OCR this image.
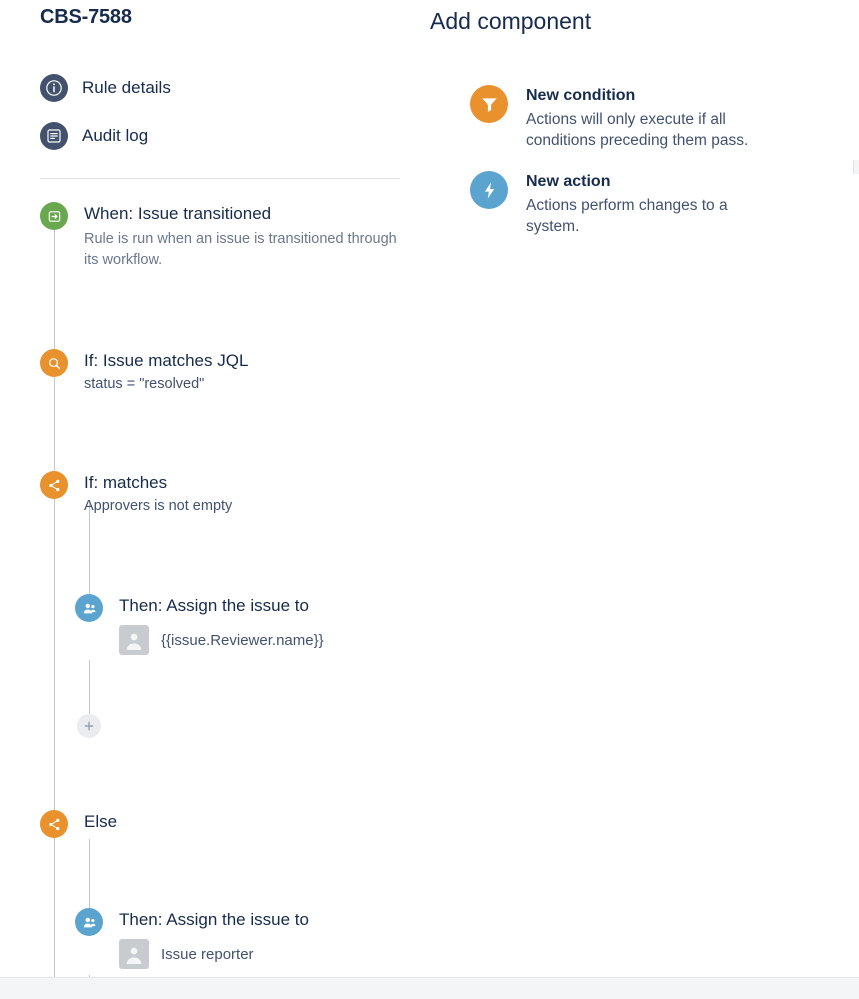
CBS-7588
Rule details
Audit log
When: Issue transitioned
Rule is run when an issue is transitioned through its workflow.
If: Issue matches JQL
status = "resolved"
If: matches
Approvers is not empty
Then: Assign the issue to
{{issue.Reviewer.name}}
Else
Then: Assign the issue to
Issue reporter
Add component
New condition
Actions will only execute if all conditions preceding them pass.
New action
Actions perform changes to a system.
